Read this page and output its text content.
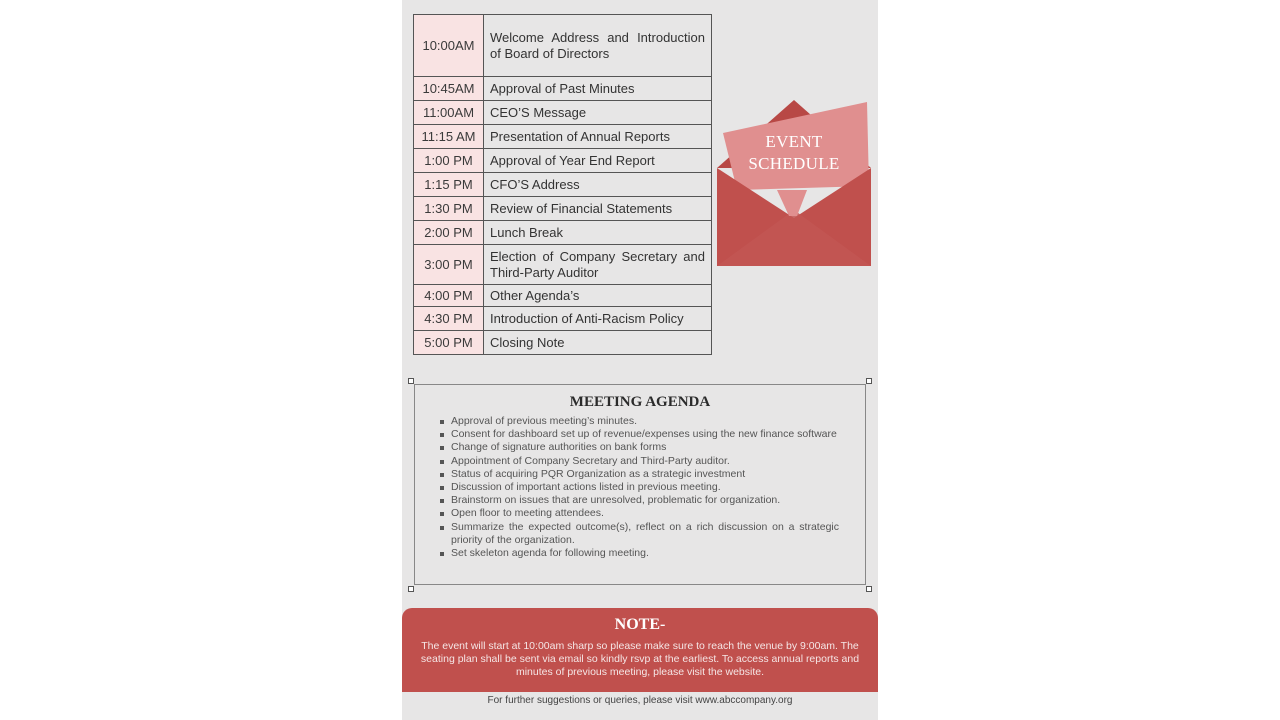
10:00AM	Welcome Address and Introduction of Board of Directors
10:45AM	Approval of Past Minutes
11:00AM	CEO’S Message
11:15 AM	Presentation of Annual Reports
1:00 PM	Approval of Year End Report
1:15 PM	CFO’S Address
1:30 PM	Review of Financial Statements
2:00 PM	Lunch Break
3:00 PM	Election of Company Secretary and Third-Party Auditor
4:00 PM	Other Agenda’s
4:30 PM	Introduction of Anti-Racism Policy
5:00 PM	Closing Note
EVENT
SCHEDULE
MEETING AGENDA
Approval of previous meeting’s minutes.
Consent for dashboard set up of revenue/expenses using the new finance software
Change of signature authorities on bank forms
Appointment of Company Secretary and Third-Party auditor.
Status of acquiring PQR Organization as a strategic investment
Discussion of important actions listed in previous meeting.
Brainstorm on issues that are unresolved, problematic for organization.
Open floor to meeting attendees.
Summarize the expected outcome(s), reflect on a rich discussion on a strategic priority of the organization.
Set skeleton agenda for following meeting.
NOTE-
The event will start at 10:00am sharp so please make sure to reach the venue by 9:00am. The seating plan shall be sent via email so kindly rsvp at the earliest. To access annual reports and minutes of previous meeting, please visit the website.
For further suggestions or queries, please visit www.abccompany.org
